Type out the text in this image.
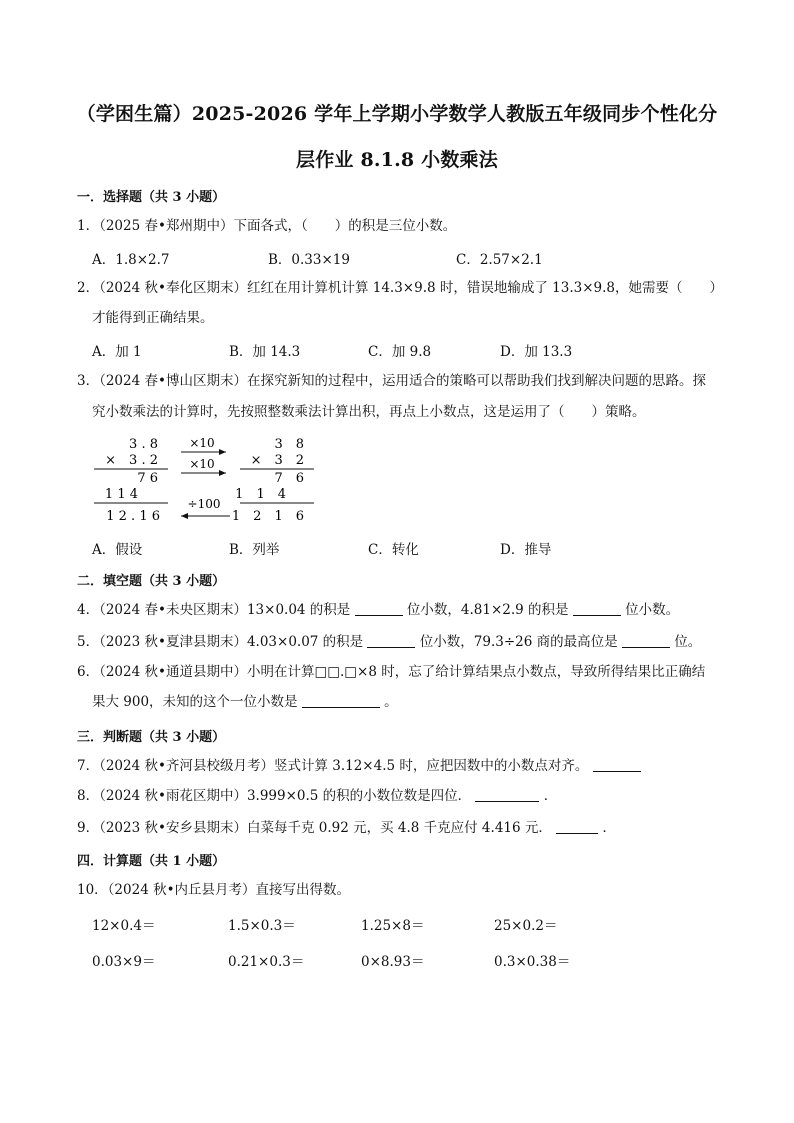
（学困生篇）2025-2026 学年上学期小学数学人教版五年级同步个性化分
层作业 8.1.8 小数乘法
一．选择题（共 3 小题）
1．（2025 春•郑州期中）下面各式，（　　 ）的积是三位小数。
A．1.8×2.7	B．0.33×19	C．2.57×2.1
2．（2024 秋•奉化区期末）红红在用计算机计算 14.3×9.8 时，错误地输成了 13.3×9.8，她需要（　　）
才能得到正确结果。
A．加 1	B．加 14.3	C．加 9.8	D．加 13.3
3．（2024 春•博山区期末）在探究新知的过程中，运用适合的策略可以帮助我们找到解决问题的思路。探
究小数乘法的计算时，先按照整数乘法计算出积，再点上小数点，这是运用了（　　）策略。
3 . 8
×　3 . 2
7 6
1 1 4
1 2 . 1 6
×10
×10
÷100
3　8
×　3　2
7　6
1　1　4
1　2　1　6
A．假设	B．列举	C．转化	D．推导
二．填空题（共 3 小题）
4．（2024 春•未央区期末）13×0.04 的积是	位小数，4.81×2.9 的积是	位小数。
5．（2023 秋•夏津县期末）4.03×0.07 的积是	位小数，79.3÷26 商的最高位是	位。
6．（2024 秋•通道县期中）小明在计算□□.□×8 时，忘了给计算结果点小数点，导致所得结果比正确结
果大 900，未知的这个一位小数是	。
三．判断题（共 3 小题）
7．（2024 秋•齐河县校级月考）竖式计算 3.12×4.5 时，应把因数中的小数点对齐。
8．（2024 秋•雨花区期中）3.999×0.5 的积的小数位数是四位．	．
9．（2023 秋•安乡县期末）白菜每千克 0.92 元，买 4.8 千克应付 4.416 元．	．
四．计算题（共 1 小题）
10．（2024 秋•内丘县月考）直接写出得数。
12×0.4＝	1.5×0.3＝	1.25×8＝	25×0.2＝
0.03×9＝	0.21×0.3＝	0×8.93＝	0.3×0.38＝
